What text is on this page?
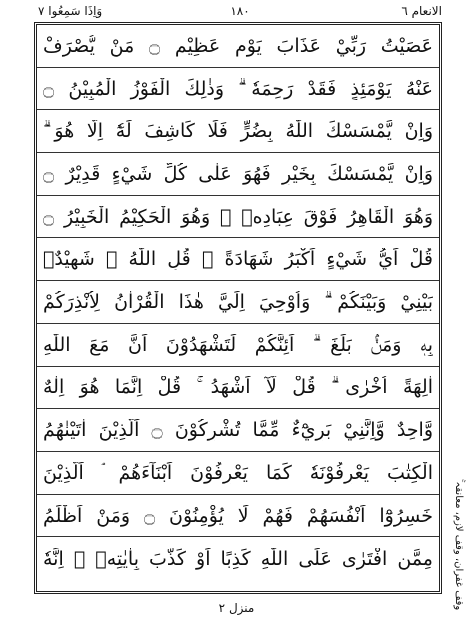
وَاِذَا سَمِعُوا ٧	١٨٠	الانعام ٦
عَصَيْتُ رَبِّيْ عَذَابَ يَوْمٍ عَظِيْمٍ ۝ مَنْ يُّصْرَفْ
عَنْهُ يَوْمَئِذٍ فَقَدْ رَحِمَهٗ ۗ وَذٰلِكَ الْفَوْزُ الْمُبِيْنُ ۝
وَاِنْ يَّمْسَسْكَ اللّٰهُ بِضُرٍّ فَلَا كَاشِفَ لَهٗٓ اِلَّا هُوَ ۗ
وَاِنْ يَّمْسَسْكَ بِخَيْرٍ فَهُوَ عَلٰى كُلِّ شَيْءٍ قَدِيْرٌ ۝
وَهُوَ الْقَاهِرُ فَوْقَ عِبَادِهٖ ۗ وَهُوَ الْحَكِيْمُ الْخَبِيْرُ ۝
قُلْ اَيُّ شَيْءٍ اَكْبَرُ شَهَادَةً ۗ قُلِ اللّٰهُ ۗ شَهِيْدٌۢ
بَيْنِيْ وَبَيْنَكُمْ ۗ وَاُوْحِيَ اِلَيَّ هٰذَا الْقُرْاٰنُ لِاُنْذِرَكُمْ
بِهٖ وَمَنْۢ بَلَغَ ۗ اَئِنَّكُمْ لَتَشْهَدُوْنَ اَنَّ مَعَ اللّٰهِ
اٰلِهَةً اُخْرٰى ۗ قُلْ لَّآ اَشْهَدُ ۚ قُلْ اِنَّمَا هُوَ اِلٰهٌ
وَّاحِدٌ وَّاِنَّنِيْ بَرِيْٓءٌ مِّمَّا تُشْرِكُوْنَ ۝ اَلَّذِيْنَ اٰتَيْنٰهُمُ
الْكِتٰبَ يَعْرِفُوْنَهٗ كَمَا يَعْرِفُوْنَ اَبْنَآءَهُمْ ۘ اَلَّذِيْنَ
خَسِرُوْٓا اَنْفُسَهُمْ فَهُمْ لَا يُؤْمِنُوْنَ ۝ وَمَنْ اَظْلَمُ
مِمَّنِ افْتَرٰى عَلَى اللّٰهِ كَذِبًا اَوْ كَذَّبَ بِاٰيٰتِهٖ ۗ اِنَّهٗ	وقف غفران، وقف لازم، معانقہ ۚ
منزل ٢
